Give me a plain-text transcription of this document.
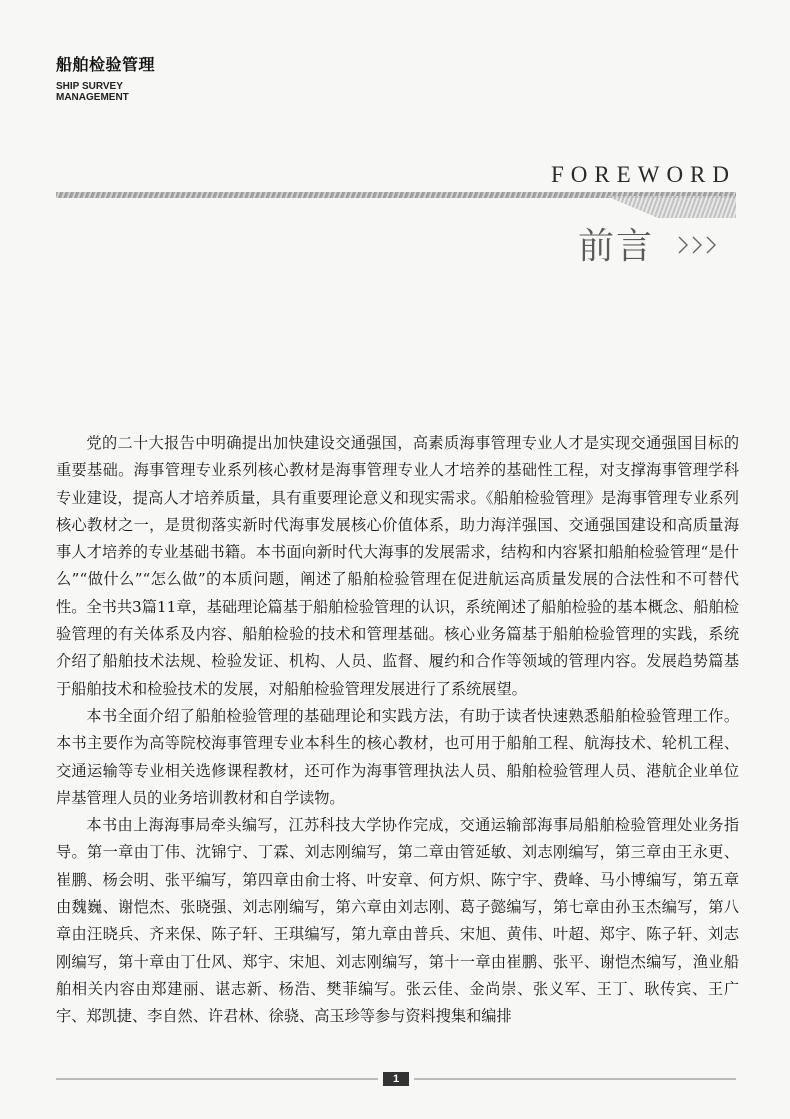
船舶检验管理
SHIP SURVEY
MANAGEMENT
FOREWORD
前言

党的二十大报告中明确提出加快建设交通强国，高素质海事管理专业人才是实现交通强国目标的重要基础。海事管理专业系列核心教材是海事管理专业人才培养的基础性工程，对支撑海事管理学科专业建设，提高人才培养质量，具有重要理论意义和现实需求。《船舶检验管理》是海事管理专业系列核心教材之一，是贯彻落实新时代海事发展核心价值体系，助力海洋强国、交通强国建设和高质量海事人才培养的专业基础书籍。本书面向新时代大海事的发展需求，结构和内容紧扣船舶检验管理“是什么”“做什么”“怎么做”的本质问题，阐述了船舶检验管理在促进航运高质量发展的合法性和不可替代性。全书共3篇11章，基础理论篇基于船舶检验管理的认识，系统阐述了船舶检验的基本概念、船舶检验管理的有关体系及内容、船舶检验的技术和管理基础。核心业务篇基于船舶检验管理的实践，系统介绍了船舶技术法规、检验发证、机构、人员、监督、履约和合作等领域的管理内容。发展趋势篇基于船舶技术和检验技术的发展，对船舶检验管理发展进行了系统展望。

本书全面介绍了船舶检验管理的基础理论和实践方法，有助于读者快速熟悉船舶检验管理工作。本书主要作为高等院校海事管理专业本科生的核心教材，也可用于船舶工程、航海技术、轮机工程、交通运输等专业相关选修课程教材，还可作为海事管理执法人员、船舶检验管理人员、港航企业单位岸基管理人员的业务培训教材和自学读物。

本书由上海海事局牵头编写，江苏科技大学协作完成，交通运输部海事局船舶检验管理处业务指导。第一章由丁伟、沈锦宁、丁霖、刘志刚编写，第二章由管延敏、刘志刚编写，第三章由王永更、崔鹏、杨会明、张平编写，第四章由俞士将、叶安章、何方炽、陈宁宇、费峰、马小博编写，第五章由魏巍、谢恺杰、张晓强、刘志刚编写，第六章由刘志刚、葛子懿编写，第七章由孙玉杰编写，第八章由汪晓兵、齐来保、陈子轩、王琪编写，第九章由普兵、宋旭、黄伟、叶超、郑宇、陈子轩、刘志刚编写，第十章由丁仕风、郑宇、宋旭、刘志刚编写，第十一章由崔鹏、张平、谢恺杰编写，渔业船舶相关内容由郑建丽、谌志新、杨浩、樊菲编写。张云佳、金尚崇、张义军、王丁、耿传宾、王广宇、郑凯捷、李自然、许君林、徐骁、高玉珍等参与资料搜集和编排

1
